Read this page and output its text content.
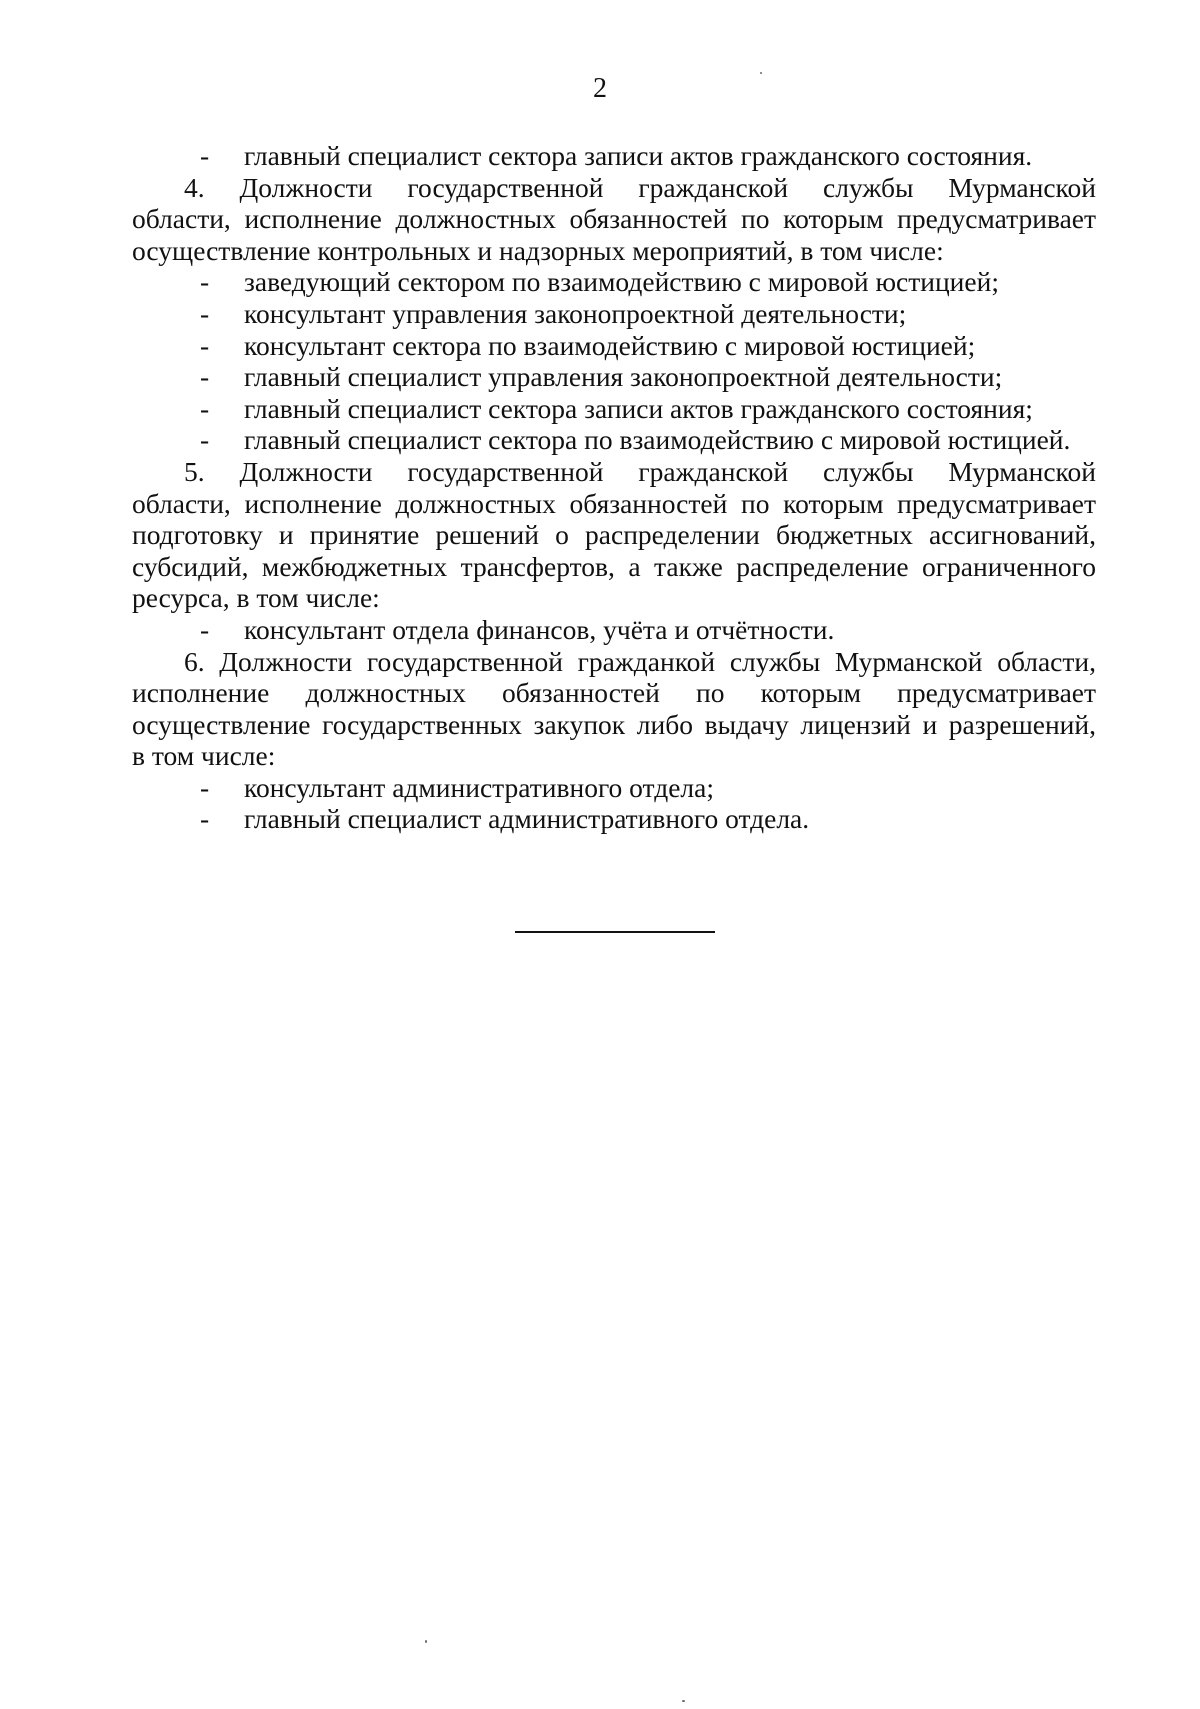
2
- главный специалист сектора записи актов гражданского состояния.
4. Должности государственной гражданской службы Мурманской
области, исполнение должностных обязанностей по которым предусматривает
осуществление контрольных и надзорных мероприятий, в том числе:
- заведующий сектором по взаимодействию с мировой юстицией;
- консультант управления законопроектной деятельности;
- консультант сектора по взаимодействию с мировой юстицией;
- главный специалист управления законопроектной деятельности;
- главный специалист сектора записи актов гражданского состояния;
- главный специалист сектора по взаимодействию с мировой юстицией.
5. Должности государственной гражданской службы Мурманской
области, исполнение должностных обязанностей по которым предусматривает
подготовку и принятие решений о распределении бюджетных ассигнований,
субсидий, межбюджетных трансфертов, а также распределение ограниченного
ресурса, в том числе:
- консультант отдела финансов, учёта и отчётности.
6. Должности государственной гражданкой службы Мурманской области,
исполнение должностных обязанностей по которым предусматривает
осуществление государственных закупок либо выдачу лицензий и разрешений,
в том числе:
- консультант административного отдела;
- главный специалист административного отдела.
